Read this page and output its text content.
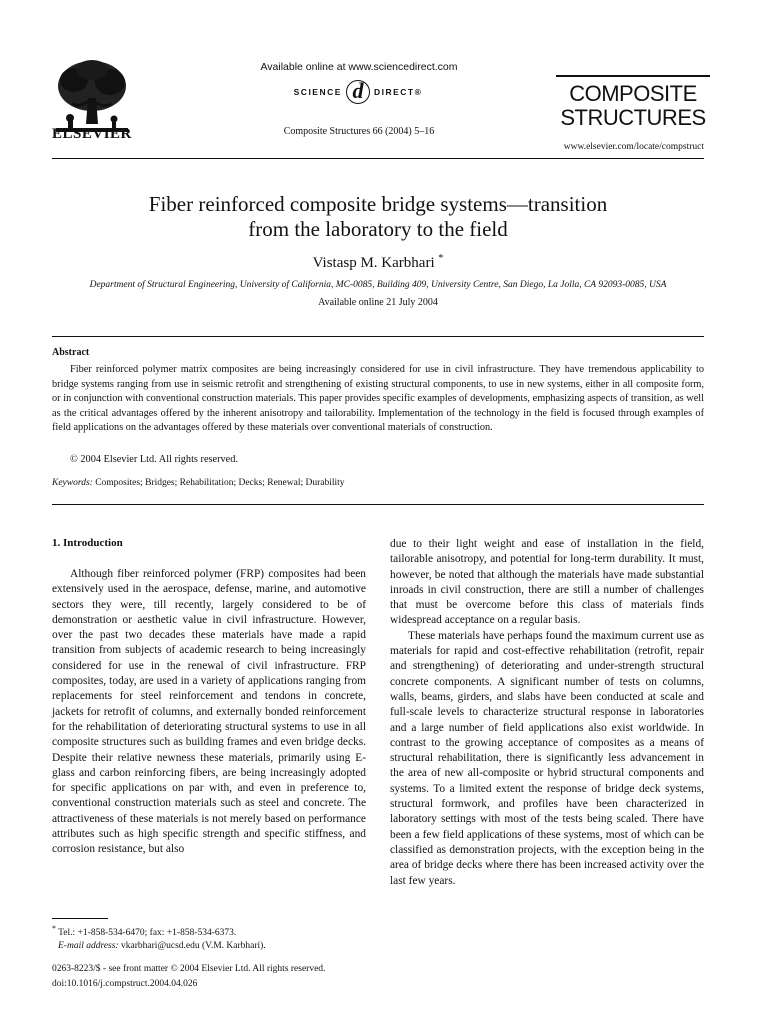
ELSEVIER
Available online at www.sciencedirect.com
SCIENCE d	DIRECT®
Composite Structures 66 (2004) 5–16
COMPOSITE
STRUCTURES
www.elsevier.com/locate/compstruct
Fiber reinforced composite bridge systems—transition
from the laboratory to the field
Vistasp M. Karbhari *
Department of Structural Engineering, University of California, MC-0085, Building 409, University Centre, San Diego, La Jolla, CA 92093-0085, USA
Available online 21 July 2004
Abstract
Fiber reinforced polymer matrix composites are being increasingly considered for use in civil infrastructure. They have tremendous applicability to bridge systems ranging from use in seismic retrofit and strengthening of existing structural components, to use in new systems, either in all composite form, or in conjunction with conventional construction materials. This paper provides specific examples of developments, emphasizing aspects of transition, as well as the critical advantages offered by the inherent anisotropy and tailorability. Implementation of the technology in the field is focused through examples of field applications on the advantages offered by these materials over conventional materials of construction.
© 2004 Elsevier Ltd. All rights reserved.
Keywords: Composites; Bridges; Rehabilitation; Decks; Renewal; Durability
1. Introduction

Although fiber reinforced polymer (FRP) composites had been extensively used in the aerospace, defense, marine, and automotive sectors they were, till recently, largely considered to be of demonstration or aesthetic value in civil infrastructure. However, over the past two decades these materials have made a rapid transition from subjects of academic research to being increasingly considered for use in the renewal of civil infrastructure. FRP composites, today, are used in a variety of applications ranging from replacements for steel reinforcement and tendons in concrete, jackets for retrofit of columns, and externally bonded reinforcement for the rehabilitation of deteriorating structural systems to use in all composite structures such as building frames and even bridge decks. Despite their relative newness these materials, primarily using E-glass and carbon reinforcing fibers, are being increasingly adopted for specific applications on par with, and even in preference to, conventional construction materials such as steel and concrete. The attractiveness of these materials is not merely based on performance attributes such as high specific strength and specific stiffness, and corrosion resistance, but also

due to their light weight and ease of installation in the field, tailorable anisotropy, and potential for long-term durability. It must, however, be noted that although the materials have made substantial inroads in civil construction, there are still a number of challenges that must be overcome before this class of materials finds widespread acceptance on a regular basis.

These materials have perhaps found the maximum current use as materials for rapid and cost-effective rehabilitation (retrofit, repair and strengthening) of deteriorating and under-strength structural concrete components. A significant number of tests on columns, walls, beams, girders, and slabs have been conducted at scale and full-scale levels to characterize structural response in laboratories and a large number of field applications also exist worldwide. In contrast to the growing acceptance of composites as a means of structural rehabilitation, there is significantly less advancement in the area of new all-composite or hybrid structural components and systems. To a limited extent the response of bridge deck systems, structural formwork, and profiles have been characterized in laboratory settings with most of the tests being scaled. There have been a few field applications of these systems, most of which can be classified as demonstration projects, with the exception being in the area of bridge decks where there has been increased activity over the last few years.

* Tel.: +1-858-534-6470; fax: +1-858-534-6373.
E-mail address: vkarbhari@ucsd.edu (V.M. Karbhari).
0263-8223/$ - see front matter © 2004 Elsevier Ltd. All rights reserved.
doi:10.1016/j.compstruct.2004.04.026
